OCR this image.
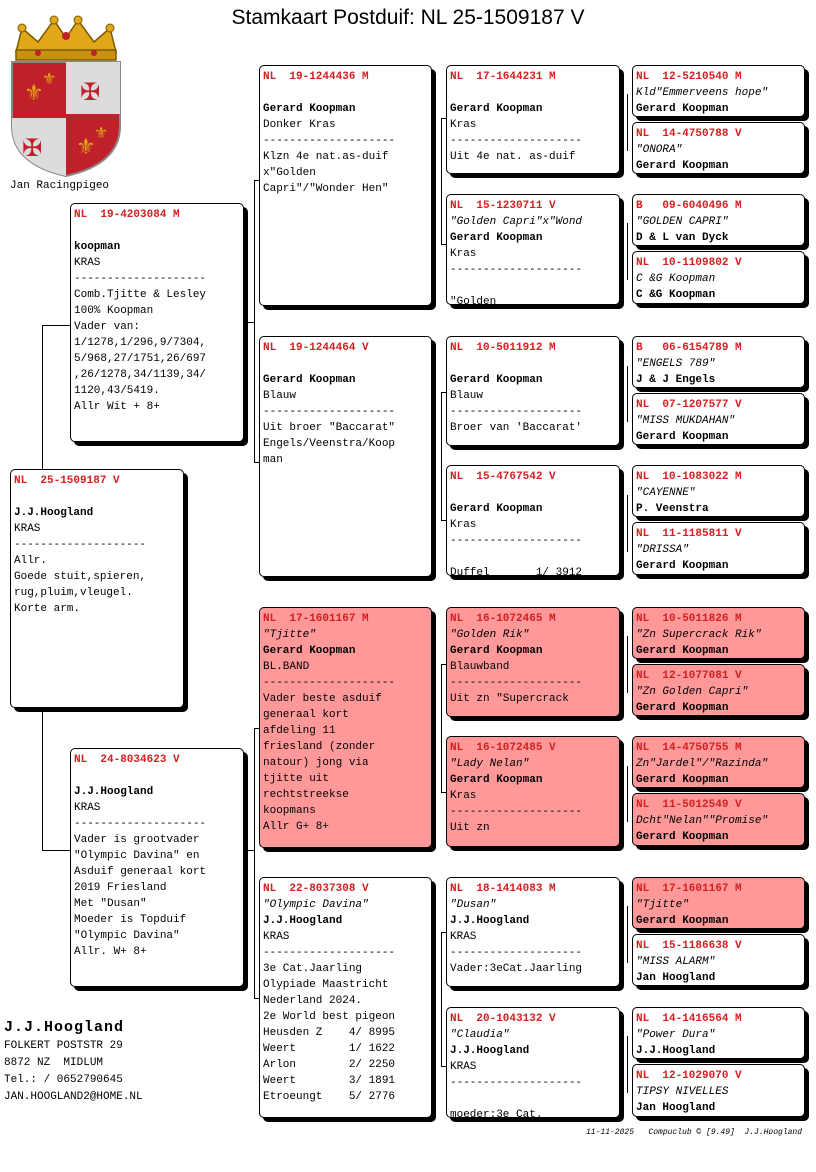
Stamkaart Postduif: NL 25-1509187 V
⚜
⚜ ✠
✠ ⚜
⚜
Jan Racingpigeo
NL  25-1509187 V
J.J.Hoogland
KRAS
--------------------
Allr.
Goede stuit,spieren,
rug,pluim,vleugel.
Korte arm.
NL  19-4203084 M
koopman
KRAS
--------------------
Comb.Tjitte & Lesley
100% Koopman
Vader van:
1/1278,1/296,9/7304,
5/968,27/1751,26/697
,26/1278,34/1139,34/
1120,43/5419.
Allr Wit + 8+
NL  24-8034623 V
J.J.Hoogland
KRAS
--------------------
Vader is grootvader
"Olympic Davina" en
Asduif generaal kort
2019 Friesland
Met "Dusan"
Moeder is Topduif
"Olympic Davina"
Allr. W+ 8+
NL  19-1244436 M
Gerard Koopman
Donker Kras
--------------------
Klzn 4e nat.as-duif
x"Golden
Capri"/"Wonder Hen"
NL  19-1244464 V
Gerard Koopman
Blauw
--------------------
Uit broer "Baccarat"
Engels/Veenstra/Koop
man
NL  17-1601167 M
"Tjitte"
Gerard Koopman
BL.BAND
--------------------
Vader beste asduif
generaal kort
afdeling 11
friesland (zonder
natour) jong via
tjitte uit
rechtstreekse
koopmans
Allr G+ 8+
NL  22-8037308 V
"Olympic Davina"
J.J.Hoogland
KRAS
--------------------
3e Cat.Jaarling
Olypiade Maastricht
Nederland 2024.
2e World best pigeon
Heusden Z    4/ 8995
Weert        1/ 1622
Arlon        2/ 2250
Weert        3/ 1891
Etroeungt    5/ 2776
NL  17-1644231 M
Gerard Koopman
Kras
--------------------
Uit 4e nat. as-duif
NL  15-1230711 V
"Golden Capri"x"Wond
Gerard Koopman
Kras
--------------------
"Golden
NL  10-5011912 M
Gerard Koopman
Blauw
--------------------
Broer van 'Baccarat'
NL  15-4767542 V
Gerard Koopman
Kras
--------------------
Duffel       1/ 3912
NL  16-1072465 M
"Golden Rik"
Gerard Koopman
Blauwband
--------------------
Uit zn "Supercrack
NL  16-1072485 V
"Lady Nelan"
Gerard Koopman
Kras
--------------------
Uit zn
NL  18-1414083 M
"Dusan"
J.J.Hoogland
KRAS
--------------------
Vader:3eCat.Jaarling
NL  20-1043132 V
"Claudia"
J.J.Hoogland
KRAS
--------------------
moeder:3e Cat.
NL  12-5210540 M
Kld"Emmerveens hope"
Gerard Koopman
NL  14-4750788 V
"ONORA"
Gerard Koopman
B   09-6040496 M
"GOLDEN CAPRI"
D & L van Dyck
NL  10-1109802 V
C &G Koopman
C &G Koopman
B   06-6154789 M
"ENGELS 789"
J & J Engels
NL  07-1207577 V
"MISS MUKDAHAN"
Gerard Koopman
NL  10-1083022 M
"CAYENNE"
P. Veenstra
NL  11-1185811 V
"DRISSA"
Gerard Koopman
NL  10-5011826 M
"Zn Supercrack Rik"
Gerard Koopman
NL  12-1077081 V
"Zn Golden Capri"
Gerard Koopman
NL  14-4750755 M
Zn"Jardel"/"Razinda"
Gerard Koopman
NL  11-5012549 V
Dcht"Nelan""Promise"
Gerard Koopman
NL  17-1601167 M
"Tjitte"
Gerard Koopman
NL  15-1186638 V
"MISS ALARM"
Jan Hoogland
NL  14-1416564 M
"Power Dura"
J.J.Hoogland
NL  12-1029070 V
TIPSY NIVELLES
Jan Hoogland
J.J.Hoogland
FOLKERT POSTSTR 29
8872 NZ  MIDLUM
Tel.: / 0652790645
JAN.HOOGLAND2@HOME.NL
11-11-2025   Compuclub © [9.49]  J.J.Hoogland
